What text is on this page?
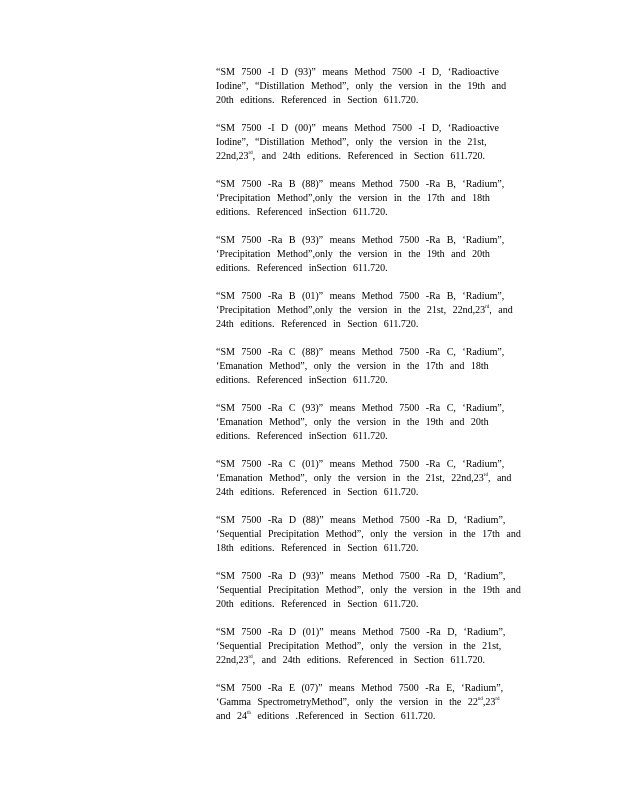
“SM 7500 -I D (93)” means Method 7500 -I D, ‘Radioactive
Iodine”, “Distillation Method”, only the version in the 19th and
20th editions. Referenced in Section 611.720.
“SM 7500 -I D (00)” means Method 7500 -I D, ‘Radioactive
Iodine”, “Distillation Method”, only the version in the 21st,
22nd,23rd, and 24th editions. Referenced in Section 611.720.
“SM 7500 -Ra B (88)” means Method 7500 -Ra B, ‘Radium”,
‘Precipitation Method”,only the version in the 17th and 18th
editions. Referenced inSection 611.720.
“SM 7500 -Ra B (93)” means Method 7500 -Ra B, ‘Radium”,
‘Precipitation Method”,only the version in the 19th and 20th
editions. Referenced inSection 611.720.
“SM 7500 -Ra B (01)” means Method 7500 -Ra B, ‘Radium”,
‘Precipitation Method”,only the version in the 21st, 22nd,23rd, and
24th editions. Referenced in Section 611.720.
“SM 7500 -Ra C (88)” means Method 7500 -Ra C, ‘Radium”,
‘Emanation Method”, only the version in the 17th and 18th
editions. Referenced inSection 611.720.
“SM 7500 -Ra C (93)” means Method 7500 -Ra C, ‘Radium”,
‘Emanation Method”, only the version in the 19th and 20th
editions. Referenced inSection 611.720.
“SM 7500 -Ra C (01)” means Method 7500 -Ra C, ‘Radium”,
‘Emanation Method”, only the version in the 21st, 22nd,23rd, and
24th editions. Referenced in Section 611.720.
“SM 7500 -Ra D (88)” means Method 7500 -Ra D, ‘Radium”,
‘Sequential Precipitation Method”, only the version in the 17th and
18th editions. Referenced in Section 611.720.
“SM 7500 -Ra D (93)” means Method 7500 -Ra D, ‘Radium”,
‘Sequential Precipitation Method”, only the version in the 19th and
20th editions. Referenced in Section 611.720.
“SM 7500 -Ra D (01)” means Method 7500 -Ra D, ‘Radium”,
‘Sequential Precipitation Method”, only the version in the 21st,
22nd,23rd, and 24th editions. Referenced in Section 611.720.
“SM 7500 -Ra E (07)” means Method 7500 -Ra E, ‘Radium”,
‘Gamma SpectrometryMethod”, only the version in the 22nd,23rd
and 24th editions .Referenced in Section 611.720.
